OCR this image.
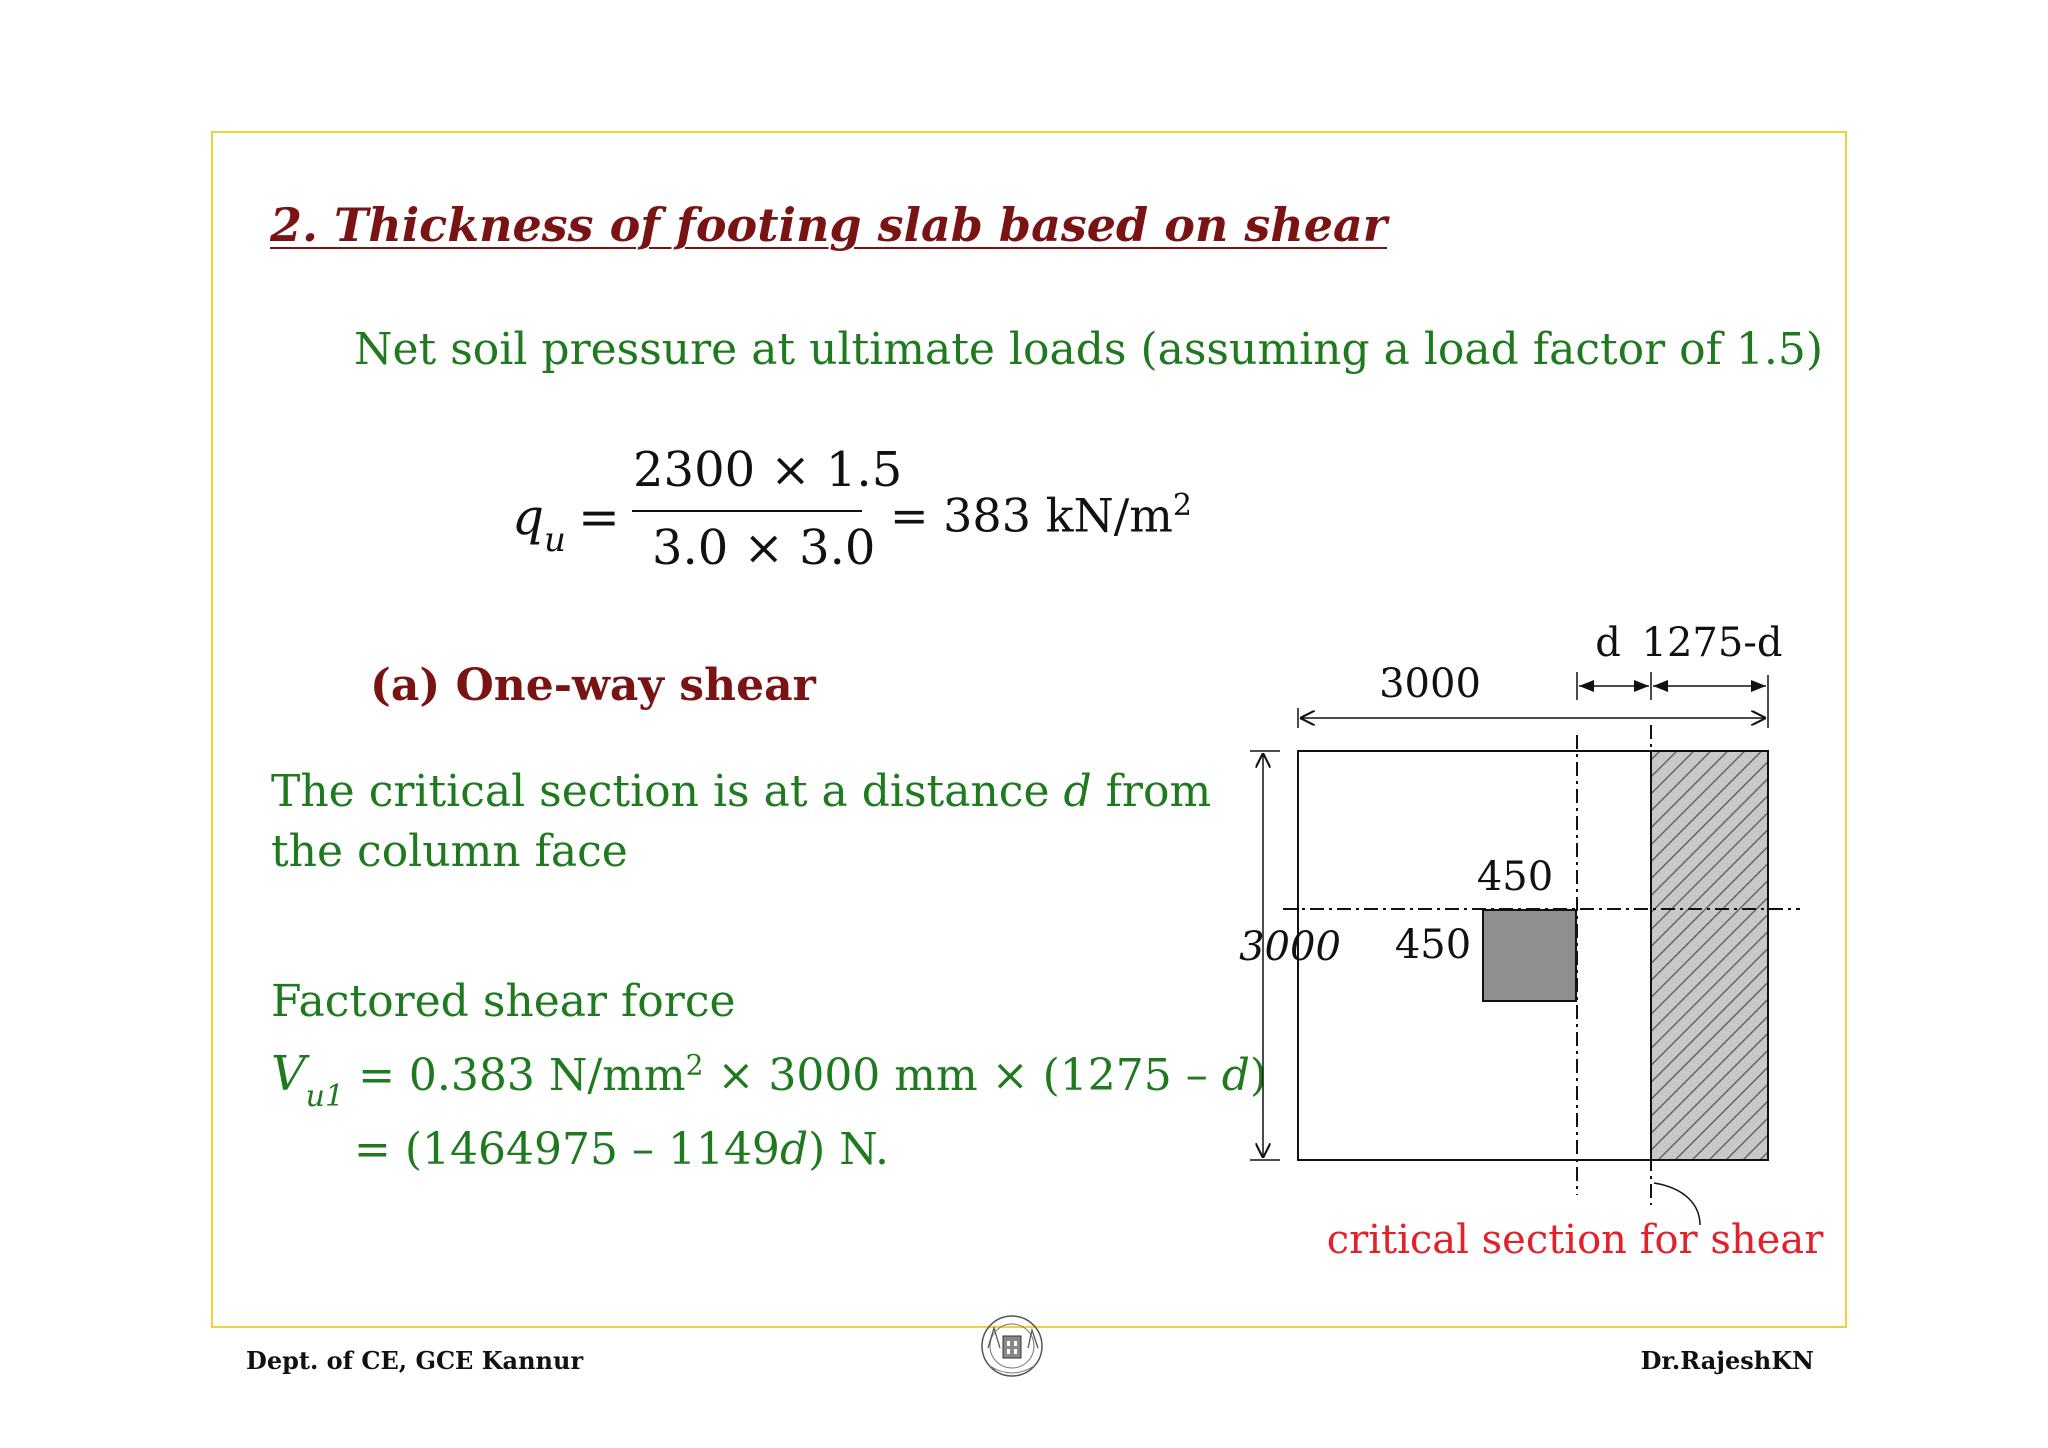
2. Thickness of footing slab based on shear
Net soil pressure at ultimate loads (assuming a load factor of 1.5)
$q_u$ =
2300 × 1.5
3.0 × 3.0
= 383 $kN/m^2$
(a) One-way shear
The critical section is at a distance d from
the column face
Factored shear force
$V_{u1} = 0.383$ $N/mm^2 \times 3000$ mm × (1275 – d)
= (1464975 – 1149d) N.
3000
d 1275-d
3000
450
450
critical section for shear
Dept. of CE, GCE Kannur	Dr.RajeshKN
